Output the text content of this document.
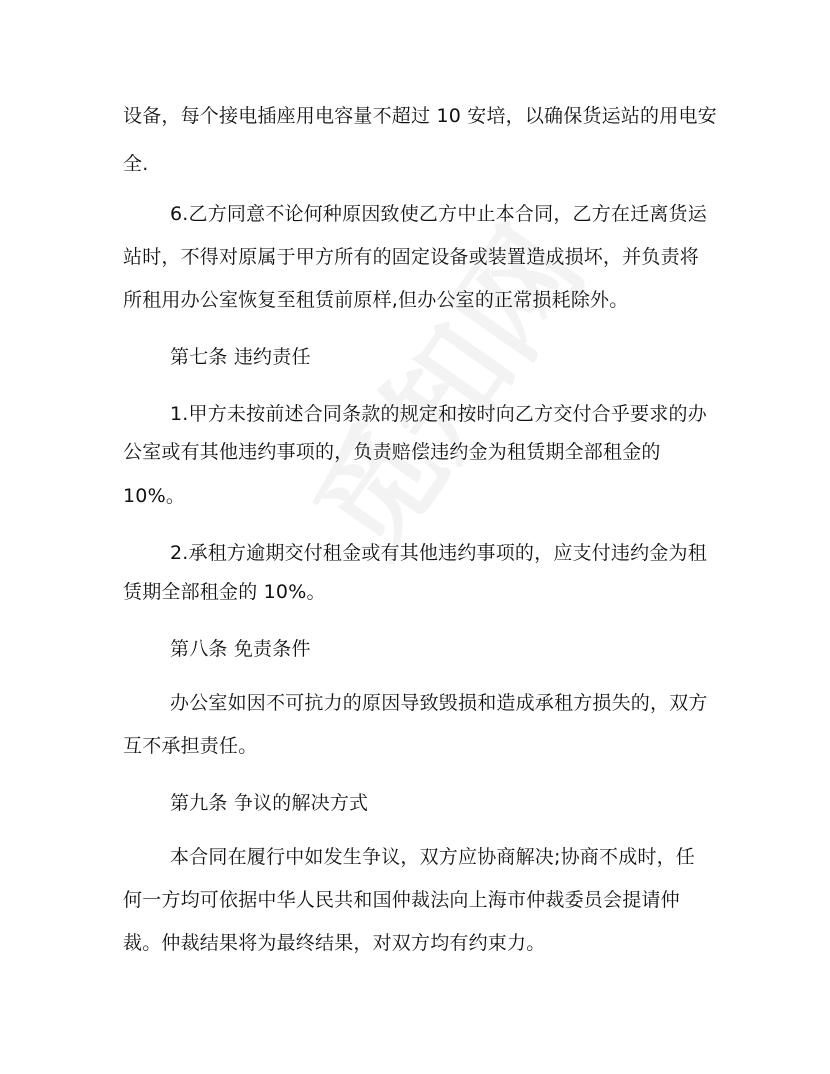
设备，每个接电插座用电容量不超过 10 安培，以确保货运站的用电安
全.
6.乙方同意不论何种原因致使乙方中止本合同，乙方在迁离货运
站时，不得对原属于甲方所有的固定设备或装置造成损坏，并负责将
所租用办公室恢复至租赁前原样,但办公室的正常损耗除外。
第七条 违约责任
1.甲方未按前述合同条款的规定和按时向乙方交付合乎要求的办
公室或有其他违约事项的，负责赔偿违约金为租赁期全部租金的
10%。
2.承租方逾期交付租金或有其他违约事项的，应支付违约金为租
赁期全部租金的 10%。
第八条 免责条件
办公室如因不可抗力的原因导致毁损和造成承租方损失的，双方
互不承担责任。
第九条 争议的解决方式
本合同在履行中如发生争议，双方应协商解决;协商不成时，任
何一方均可依据中华人民共和国仲裁法向上海市仲裁委员会提请仲
裁。仲裁结果将为最终结果，对双方均有约束力。
